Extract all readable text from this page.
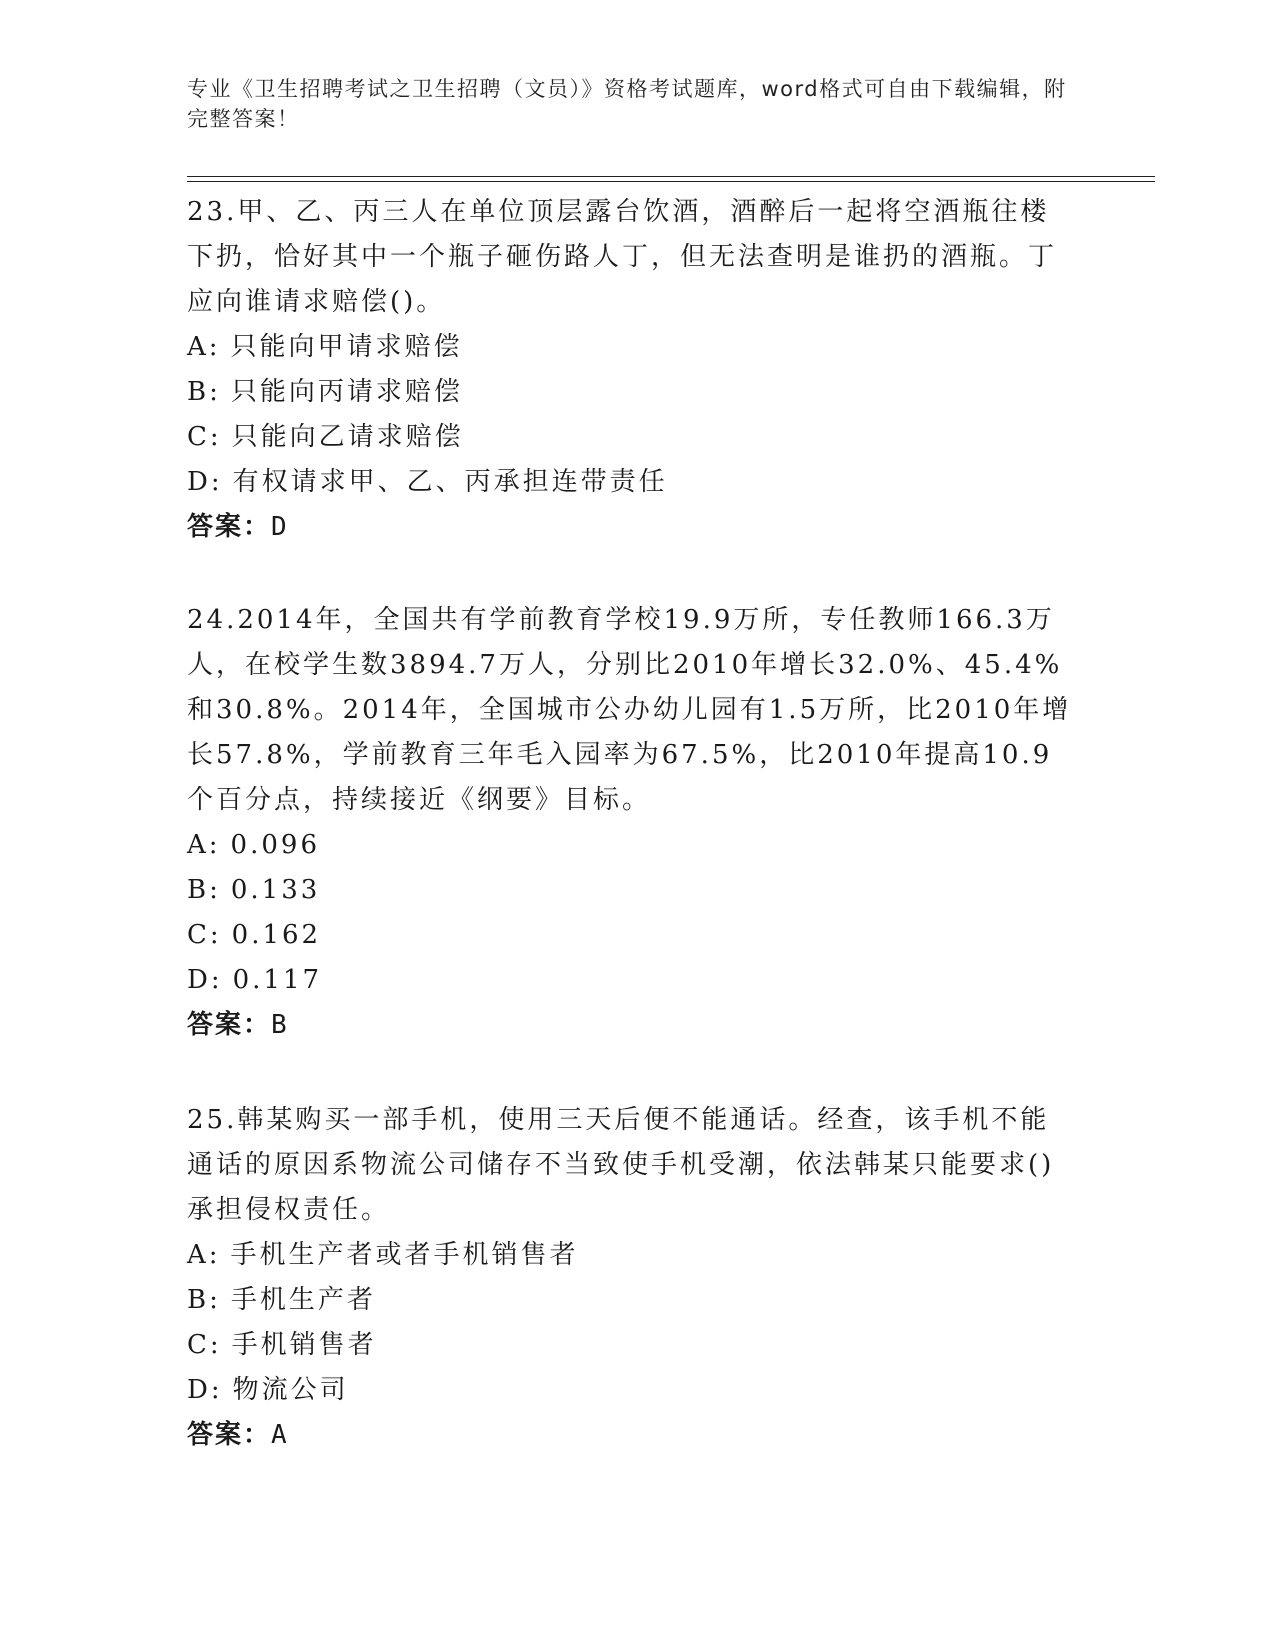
专业《卫生招聘考试之卫生招聘（文员）》资格考试题库，word格式可自由下载编辑，附完整答案！

23.甲、乙、丙三人在单位顶层露台饮酒，酒醉后一起将空酒瓶往楼下扔，恰好其中一个瓶子砸伤路人丁，但无法查明是谁扔的酒瓶。丁应向谁请求赔偿()。

A: 只能向甲请求赔偿

B: 只能向丙请求赔偿

C: 只能向乙请求赔偿

D: 有权请求甲、乙、丙承担连带责任

答案：D

24.2014年，全国共有学前教育学校19.9万所，专任教师166.3万人，在校学生数3894.7万人，分别比2010年增长32.0%、45.4%和30.8%。2014年，全国城市公办幼儿园有1.5万所，比2010年增长57.8%，学前教育三年毛入园率为67.5%，比2010年提高10.9个百分点，持续接近《纲要》目标。

A: 0.096

B: 0.133

C: 0.162

D: 0.117

答案：B

25.韩某购买一部手机，使用三天后便不能通话。经查，该手机不能通话的原因系物流公司储存不当致使手机受潮，依法韩某只能要求()承担侵权责任。

A: 手机生产者或者手机销售者

B: 手机生产者

C: 手机销售者

D: 物流公司

答案：A
